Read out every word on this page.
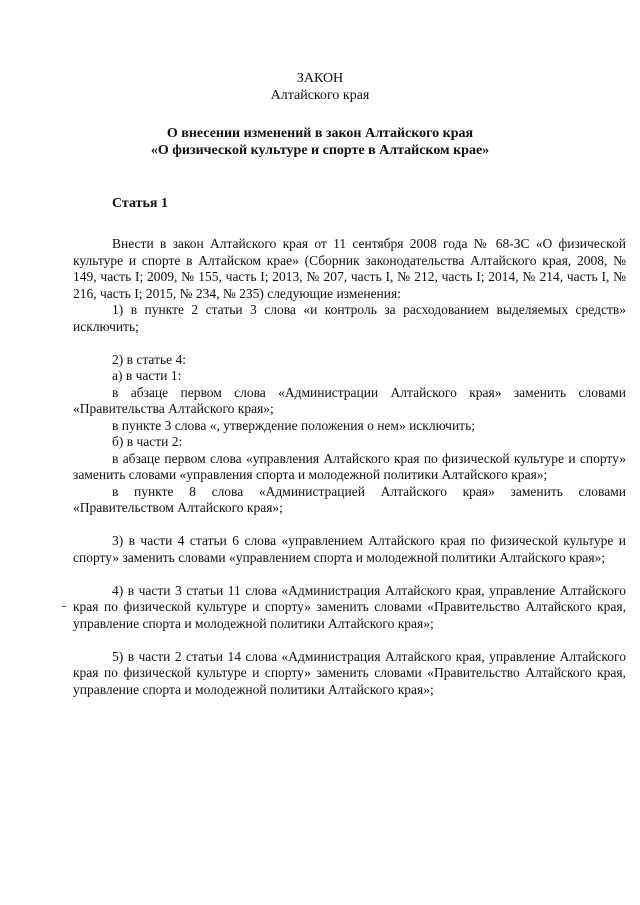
ЗАКОН
Алтайского края
О внесении изменений в закон Алтайского края
«О физической культуре и спорте в Алтайском крае»
Статья 1

Внести в закон Алтайского края от 11 сентября 2008 года № 68-ЗС «О физической культуре и спорте в Алтайском крае» (Сборник законодательства Алтайского края, 2008, № 149, часть I; 2009, № 155, часть I; 2013, № 207, часть I, № 212, часть I; 2014, № 214, часть I, № 216, часть I; 2015, № 234, № 235) следующие изменения:

1) в пункте 2 статьи 3 слова «и контроль за расходованием выделяемых средств» исключить;

2) в статье 4:

а) в части 1:

в абзаце первом слова «Администрации Алтайского края» заменить словами «Правительства Алтайского края»;

в пункте 3 слова «, утверждение положения о нем» исключить;

б) в части 2:

в абзаце первом слова «управления Алтайского края по физической культуре и спорту» заменить словами «управления спорта и молодежной политики Алтайского края»;

в пункте 8 слова «Администрацией Алтайского края» заменить словами «Правительством Алтайского края»;

3) в части 4 статьи 6 слова «управлением Алтайского края по физической культуре и спорту» заменить словами «управлением спорта и молодежной политики Алтайского края»;

4) в части 3 статьи 11 слова «Администрация Алтайского края, управление Алтайского края по физической культуре и спорту» заменить словами «Правительство Алтайского края, управление спорта и молодежной политики Алтайского края»;

5) в части 2 статьи 14 слова «Администрация Алтайского края, управление Алтайского края по физической культуре и спорту» заменить словами «Правительство Алтайского края, управление спорта и молодежной политики Алтайского края»;
